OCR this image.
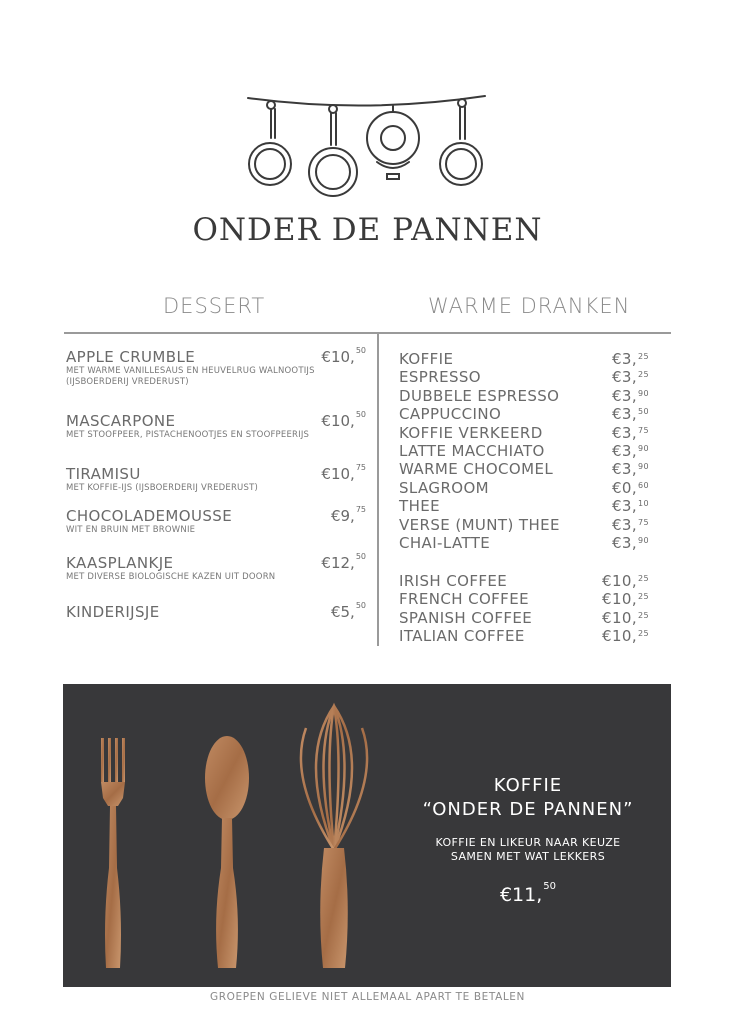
ONDER DE PANNEN
DESSERT	WARME DRANKEN
APPLE CRUMBLE
MET WARME VANILLESAUS EN HEUVELRUG WALNOOTIJS
(IJSBOERDERIJ VREDERUST)
€10,50
MASCARPONE
MET STOOFPEER, PISTACHENOOTJES EN STOOFPEERIJS
€10,50
TIRAMISU
MET KOFFIE-IJS (IJSBOERDERIJ VREDERUST)
€10,75
CHOCOLADEMOUSSE
WIT EN BRUIN MET BROWNIE
€9,75
KAASPLANKJE
MET DIVERSE BIOLOGISCHE KAZEN UIT DOORN
€12,50
KINDERIJSJE	€5,50
KOFFIE	€3,25
ESPRESSO	€3,25
DUBBELE ESPRESSO	€3,90
CAPPUCCINO	€3,50
KOFFIE VERKEERD	€3,75
LATTE MACCHIATO	€3,90
WARME CHOCOMEL	€3,90
SLAGROOM	€0,60
THEE	€3,10
VERSE (MUNT) THEE	€3,75
CHAI-LATTE	€3,90
IRISH COFFEE	€10,25
FRENCH COFFEE	€10,25
SPANISH COFFEE	€10,25
ITALIAN COFFEE	€10,25
KOFFIE
“ONDER DE PANNEN”
KOFFIE EN LIKEUR NAAR KEUZE
SAMEN MET WAT LEKKERS
€11,50
GROEPEN GELIEVE NIET ALLEMAAL APART TE BETALEN
